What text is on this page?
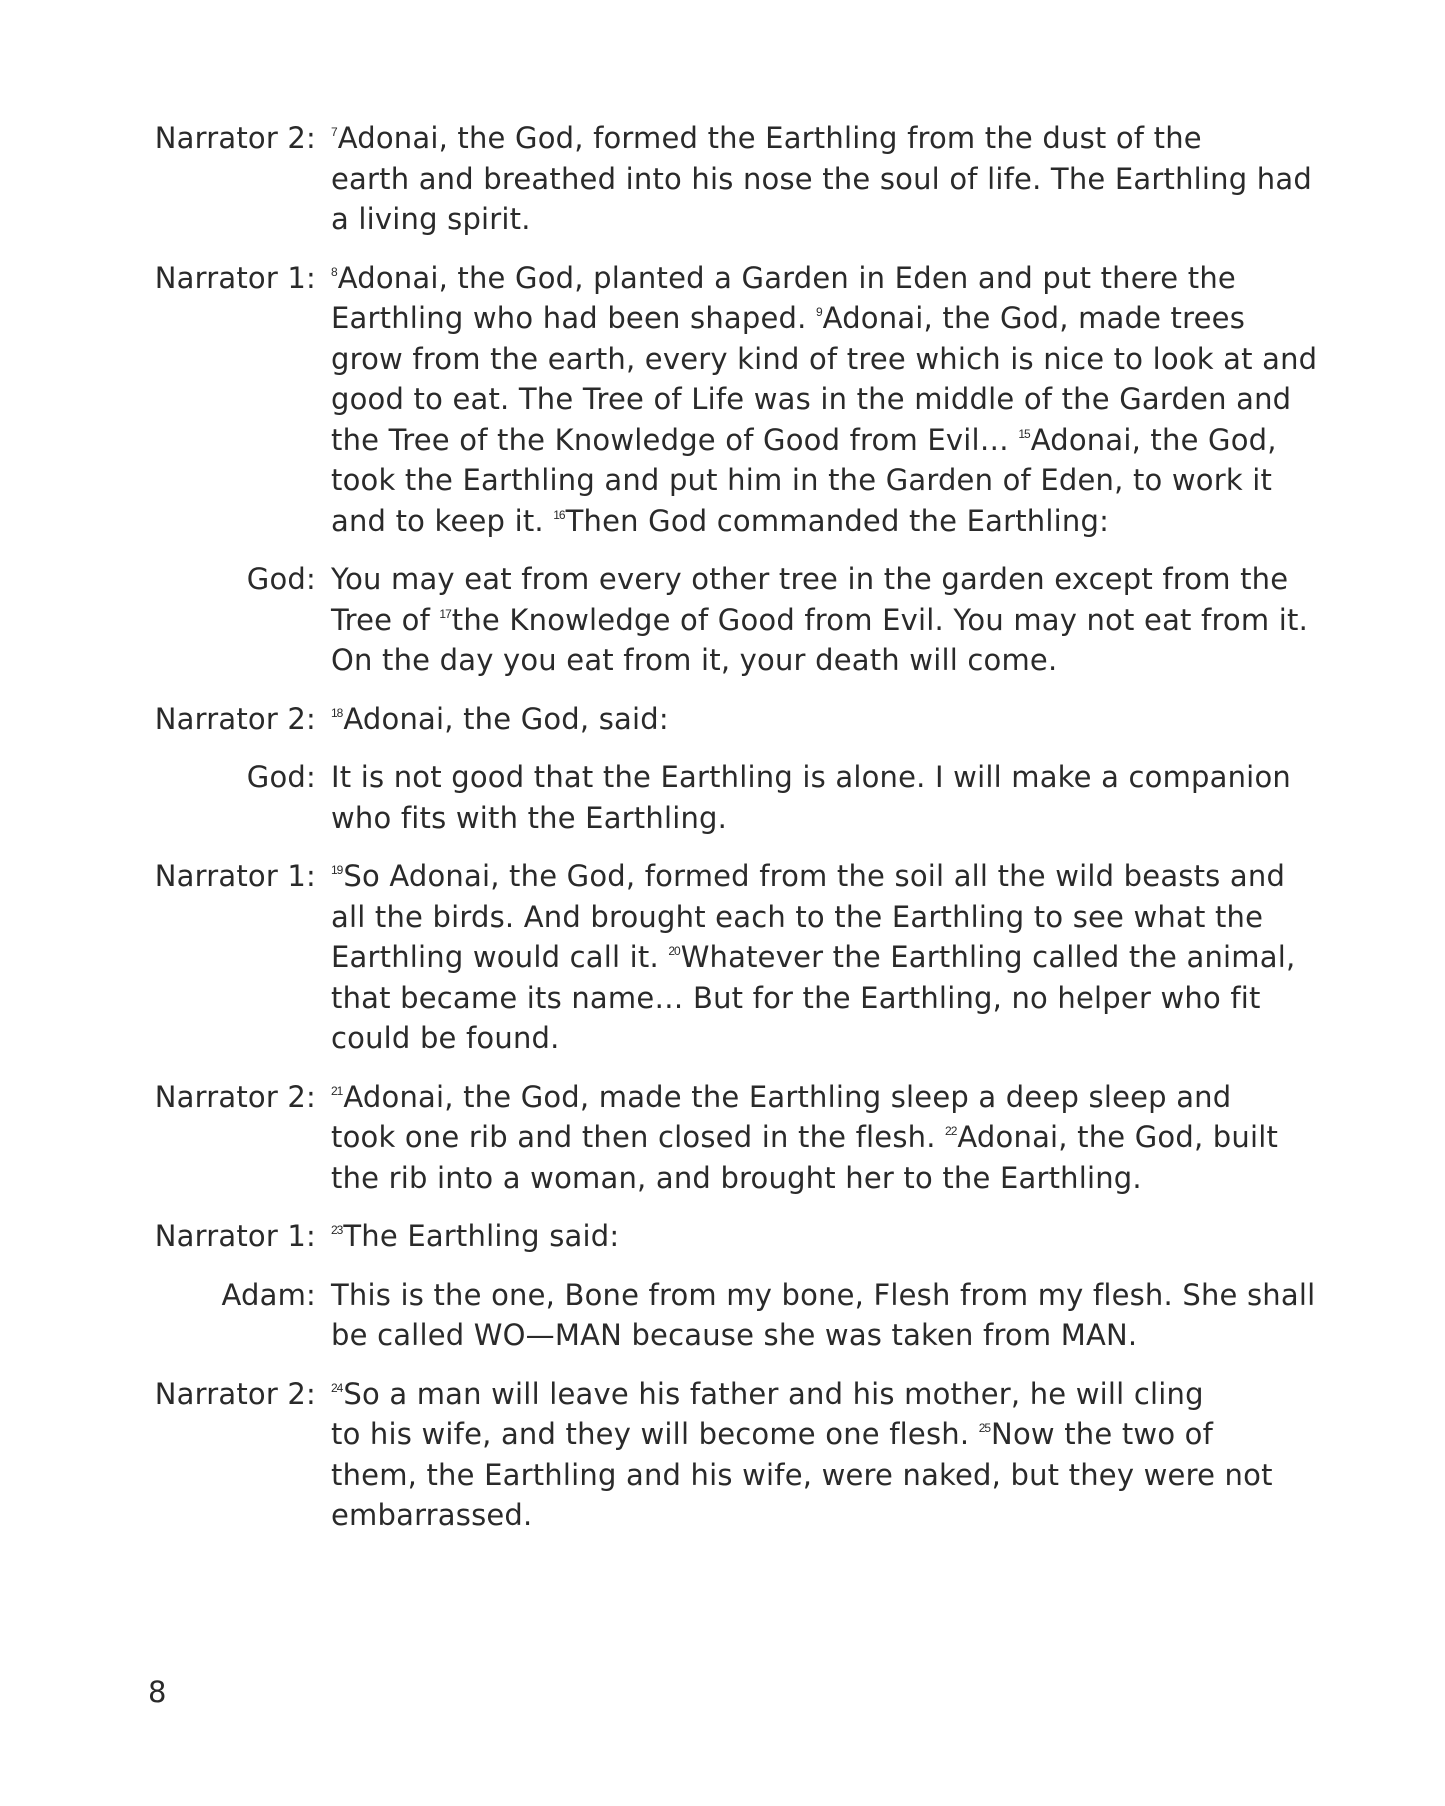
Narrator 2: $^7$Adonai, the God, formed the Earthling from the dust of the
earth and breathed into his nose the soul of life. The Earthling had
a living spirit.
Narrator 1: $^8$Adonai, the God, planted a Garden in Eden and put there the
Earthling who had been shaped. $^9$Adonai, the God, made trees
grow from the earth, every kind of tree which is nice to look at and
good to eat. The Tree of Life was in the middle of the Garden and
the Tree of the Knowledge of Good from Evil… $^{15}$Adonai, the God,
took the Earthling and put him in the Garden of Eden, to work it
and to keep it. $^{16}$Then God commanded the Earthling:
God: You may eat from every other tree in the garden except from the
Tree of $^{17}$the Knowledge of Good from Evil. You may not eat from it.
On the day you eat from it, your death will come.
Narrator 2: $^{18}$Adonai, the God, said:
God: It is not good that the Earthling is alone. I will make a companion
who fits with the Earthling.
Narrator 1: $^{19}$So Adonai, the God, formed from the soil all the wild beasts and
all the birds. And brought each to the Earthling to see what the
Earthling would call it. $^{20}$Whatever the Earthling called the animal,
that became its name… But for the Earthling, no helper who fit
could be found.
Narrator 2: $^{21}$Adonai, the God, made the Earthling sleep a deep sleep and
took one rib and then closed in the flesh. $^{22}$Adonai, the God, built
the rib into a woman, and brought her to the Earthling.
Narrator 1: $^{23}$The Earthling said:
Adam: This is the one, Bone from my bone, Flesh from my flesh. She shall
be called WO—MAN because she was taken from MAN.
Narrator 2: $^{24}$So a man will leave his father and his mother, he will cling
to his wife, and they will become one flesh. $^{25}$Now the two of
them, the Earthling and his wife, were naked, but they were not
embarrassed.
8
